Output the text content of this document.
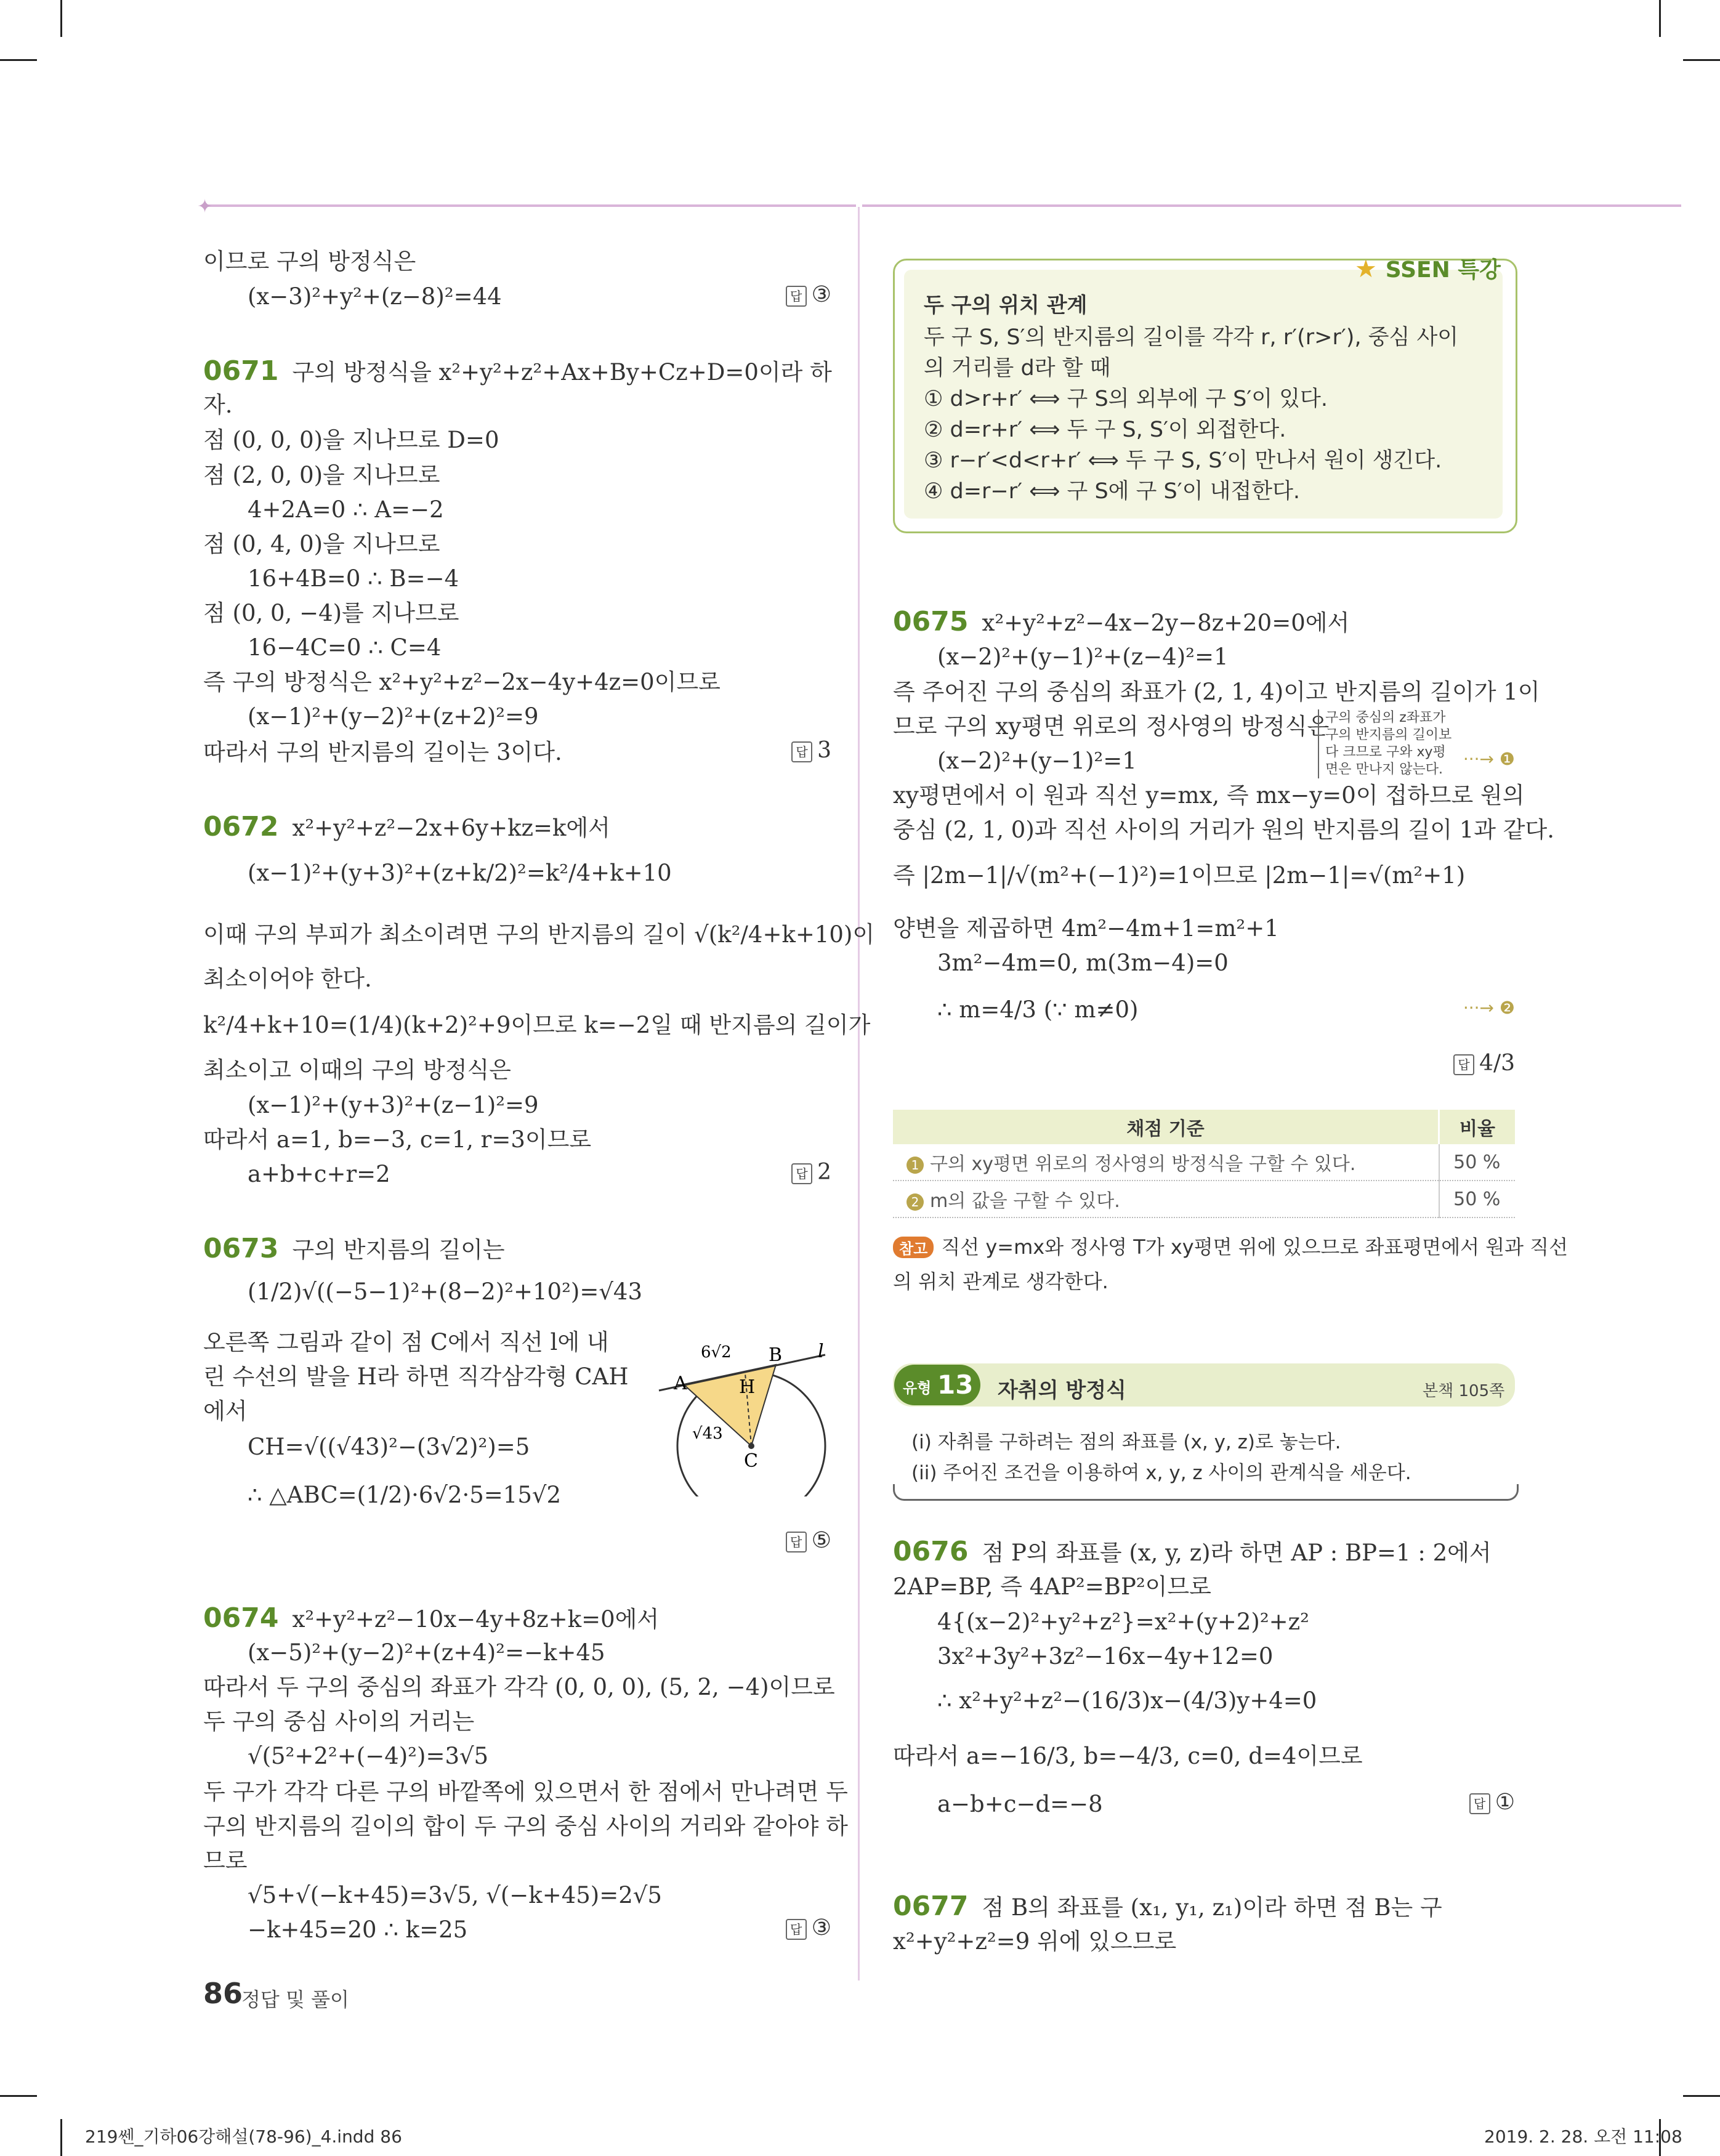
✦
이므로 구의 방정식은
(x−3)²+y²+(z−8)²=44
0671 구의 방정식을 x²+y²+z²+Ax+By+Cz+D=0이라 하
자.
점 (0, 0, 0)을 지나므로 D=0
점 (2, 0, 0)을 지나므로
4+2A=0 ∴ A=−2
점 (0, 4, 0)을 지나므로
16+4B=0 ∴ B=−4
점 (0, 0, −4)를 지나므로
16−4C=0 ∴ C=4
즉 구의 방정식은 x²+y²+z²−2x−4y+4z=0이므로
(x−1)²+(y−2)²+(z+2)²=9
따라서 구의 반지름의 길이는 3이다.
0672 x²+y²+z²−2x+6y+kz=k에서
(x−1)²+(y+3)²+(z+k/2)²=k²/4+k+10
이때 구의 부피가 최소이려면 구의 반지름의 길이 √(k²/4+k+10)이
최소이어야 한다.
k²/4+k+10=(1/4)(k+2)²+9이므로 k=−2일 때 반지름의 길이가
최소이고 이때의 구의 방정식은
(x−1)²+(y+3)²+(z−1)²=9
따라서 a=1, b=−3, c=1, r=3이므로
a+b+c+r=2
0673 구의 반지름의 길이는
(1/2)√((−5−1)²+(8−2)²+10²)=√43
오른쪽 그림과 같이 점 C에서 직선 l에 내
린 수선의 발을 H라 하면 직각삼각형 CAH
에서
CH=√((√43)²−(3√2)²)=5
∴ △ABC=(1/2)·6√2·5=15√2
0674 x²+y²+z²−10x−4y+8z+k=0에서
(x−5)²+(y−2)²+(z+4)²=−k+45
따라서 두 구의 중심의 좌표가 각각 (0, 0, 0), (5, 2, −4)이므로
두 구의 중심 사이의 거리는
√(5²+2²+(−4)²)=3√5
두 구가 각각 다른 구의 바깥쪽에 있으면서 한 점에서 만나려면 두
구의 반지름의 길이의 합이 두 구의 중심 사이의 거리와 같아야 하
므로
√5+√(−k+45)=3√5, √(−k+45)=2√5
−k+45=20 ∴ k=25
답 ③
답 3
답 2
답 ⑤
답 ③
6√2 B l
A	H
√43
C
★ SSEN 특강
두 구의 위치 관계
두 구 S, S′의 반지름의 길이를 각각 r, r′(r>r′), 중심 사이
의 거리를 d라 할 때
① d>r+r′ ⟺ 구 S의 외부에 구 S′이 있다.
② d=r+r′ ⟺ 두 구 S, S′이 외접한다.
③ r−r′<d<r+r′ ⟺ 두 구 S, S′이 만나서 원이 생긴다.
④ d=r−r′ ⟺ 구 S에 구 S′이 내접한다.
0675 x²+y²+z²−4x−2y−8z+20=0에서
(x−2)²+(y−1)²+(z−4)²=1
즉 주어진 구의 중심의 좌표가 (2, 1, 4)이고 반지름의 길이가 1이
므로 구의 xy평면 위로의 정사영의 방정식은
(x−2)²+(y−1)²=1
xy평면에서 이 원과 직선 y=mx, 즉 mx−y=0이 접하므로 원의
중심 (2, 1, 0)과 직선 사이의 거리가 원의 반지름의 길이 1과 같다.
즉 |2m−1|/√(m²+(−1)²)=1이므로 |2m−1|=√(m²+1)
양변을 제곱하면 4m²−4m+1=m²+1
3m²−4m=0, m(3m−4)=0
∴ m=4/3 (∵ m≠0)
0676 점 P의 좌표를 (x, y, z)라 하면 AP : BP=1 : 2에서
2AP=BP, 즉 4AP²=BP²이므로
4{(x−2)²+y²+z²}=x²+(y+2)²+z²
3x²+3y²+3z²−16x−4y+12=0
∴ x²+y²+z²−(16/3)x−(4/3)y+4=0
따라서 a=−16/3, b=−4/3, c=0, d=4이므로
a−b+c−d=−8
0677 점 B의 좌표를 (x₁, y₁, z₁)이라 하면 점 B는 구
x²+y²+z²=9 위에 있으므로
답 4/3
답 ①
···→ ❶
···→ ❷
구의 중심의 z좌표가
구의 반지름의 길이보
다 크므로 구와 xy평
면은 만나지 않는다.
채점 기준	비율
1 구의 xy평면 위로의 정사영의 방정식을 구할 수 있다.	50 %
2 m의 값을 구할 수 있다.	50 %
참고 직선 y=mx와 정사영 T가 xy평면 위에 있으므로 좌표평면에서 원과 직선
의 위치 관계로 생각한다.
유형 13 자취의 방정식	본책 105쪽
(i) 자취를 구하려는 점의 좌표를 (x, y, z)로 놓는다.
(ii) 주어진 조건을 이용하여 x, y, z 사이의 관계식을 세운다.
86
정답 및 풀이
219쎈_기하06강해설(78-96)_4.indd 86	2019. 2. 28. 오전 11:08
